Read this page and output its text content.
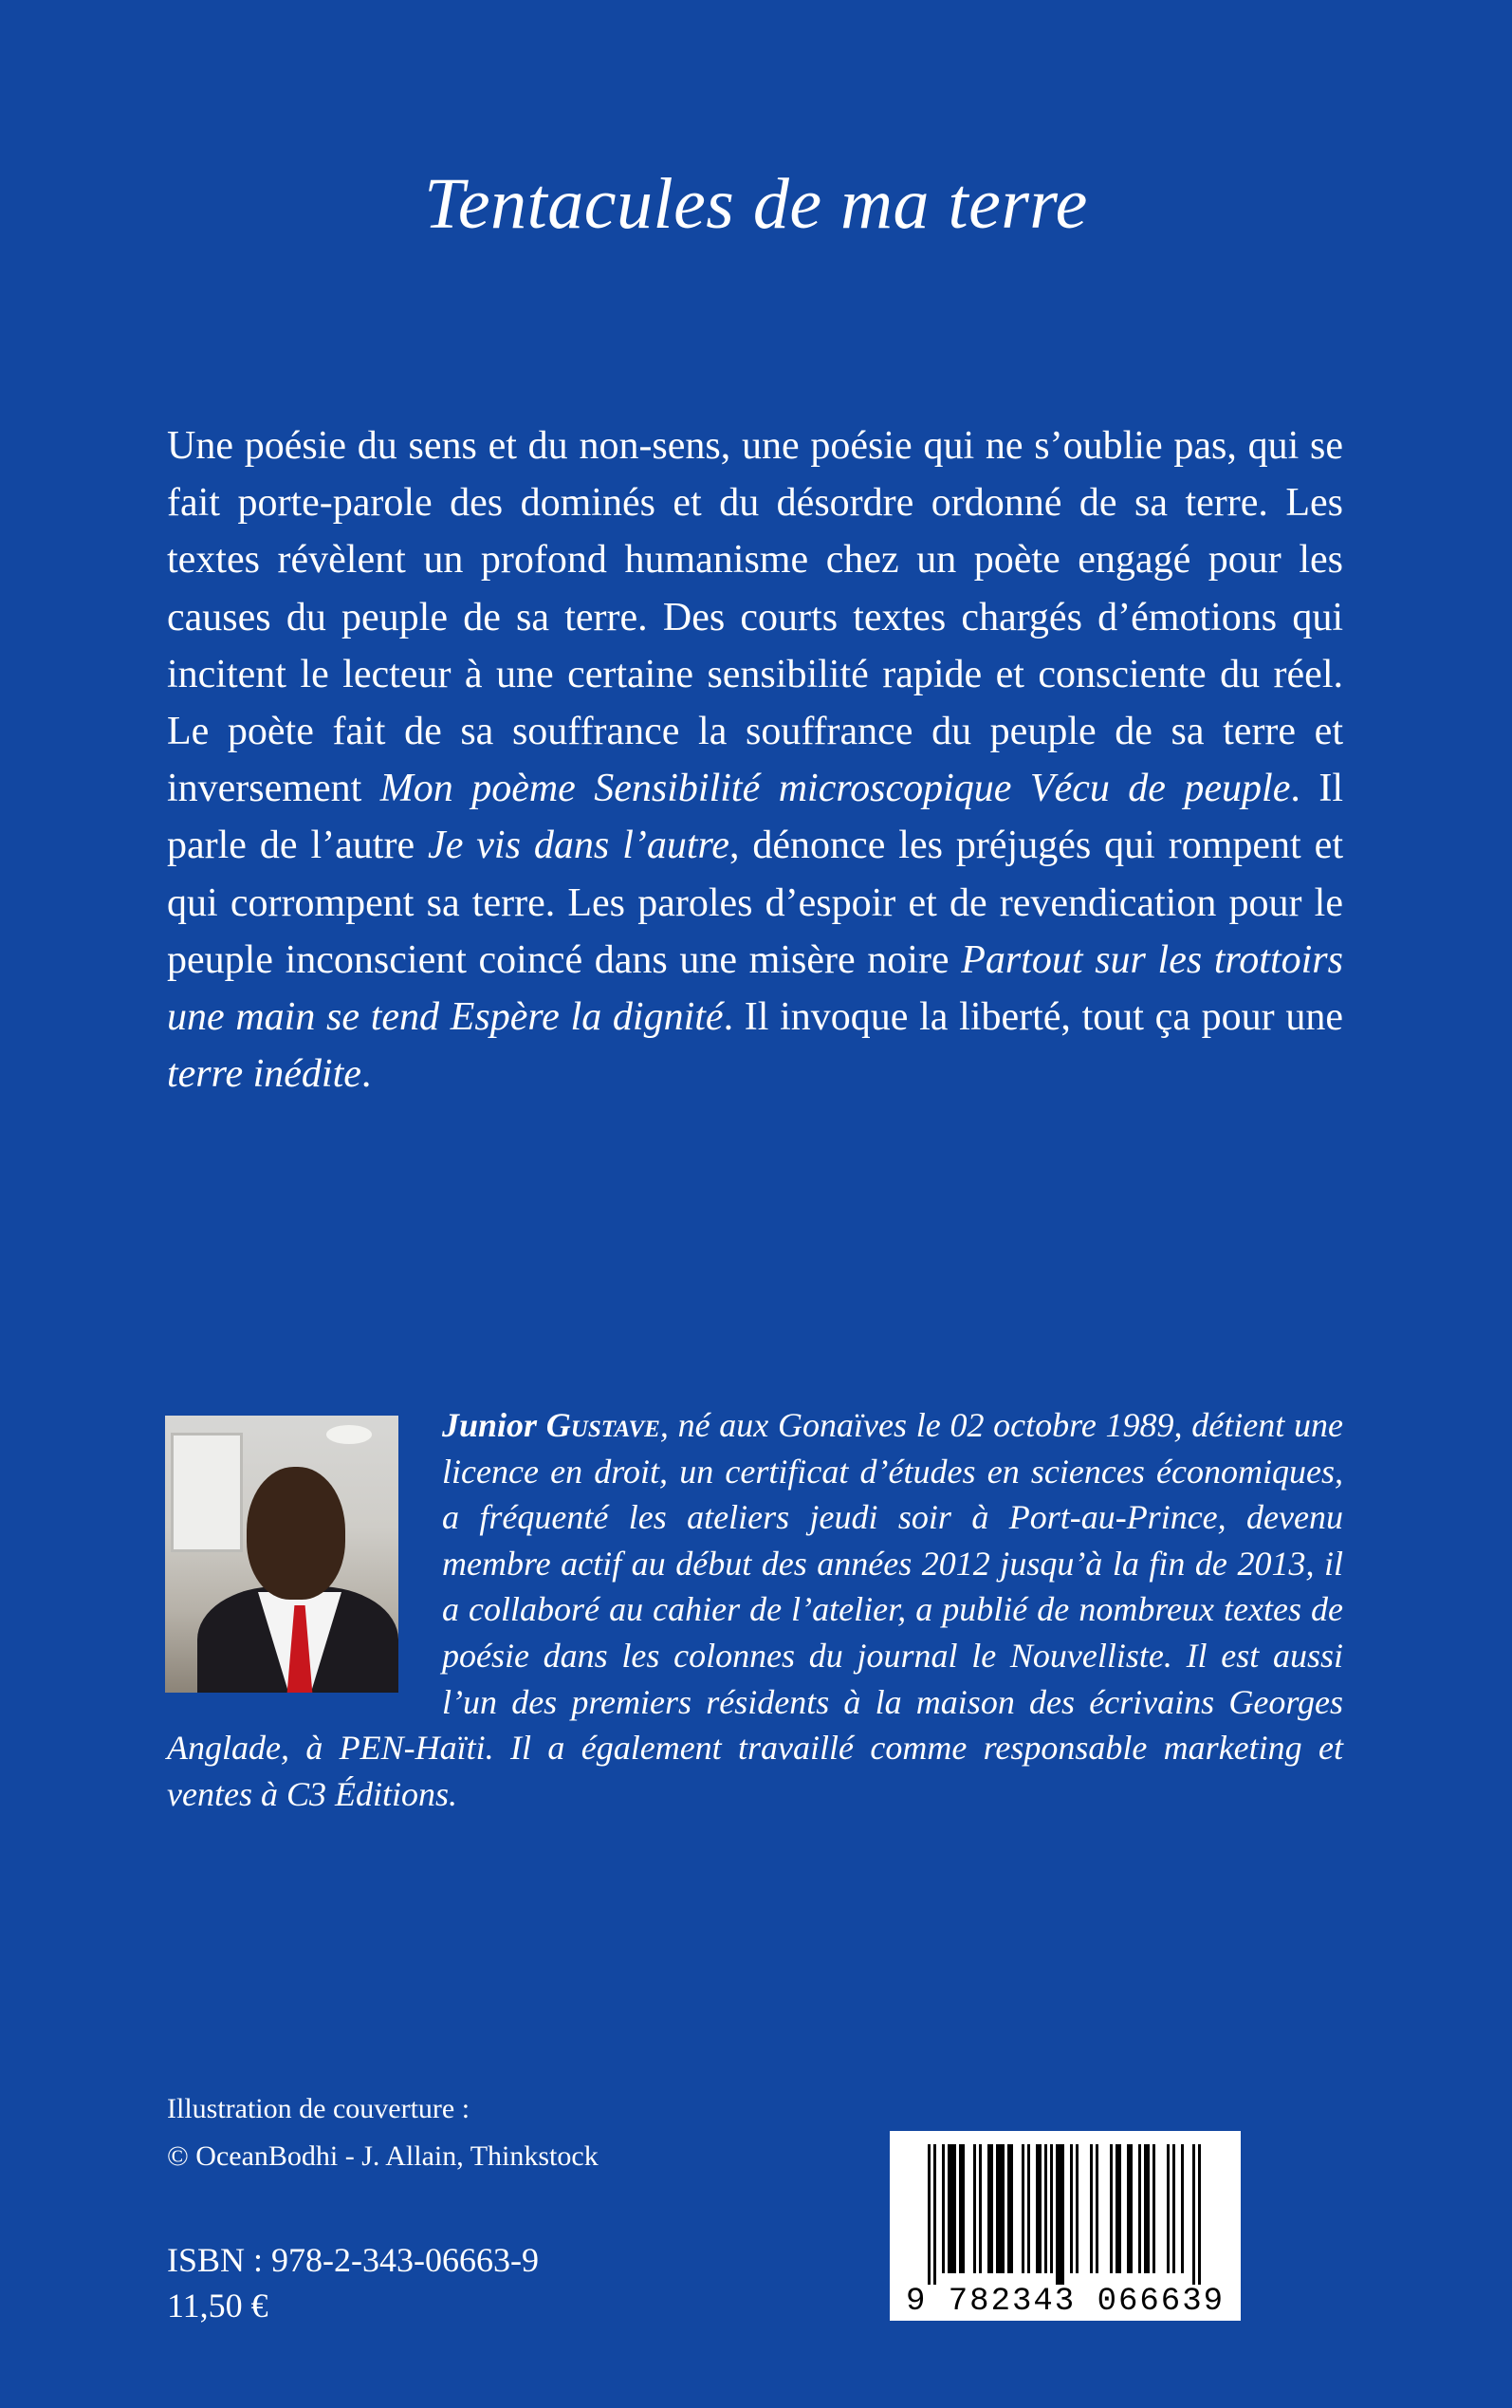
Tentacules de ma terre

Une poésie du sens et du non-sens, une poésie qui ne s’oublie pas, qui se fait porte-parole des dominés et du désordre ordonné de sa terre. Les textes révèlent un profond humanisme chez un poète engagé pour les causes du peuple de sa terre. Des courts textes chargés d’émotions qui incitent le lecteur à une certaine sensibilité rapide et consciente du réel. Le poète fait de sa souffrance la souffrance du peuple de sa terre et inversement Mon poème Sensibilité microscopique Vécu de peuple. Il parle de l’autre Je vis dans l’autre, dénonce les préjugés qui rompent et qui corrompent sa terre. Les paroles d’espoir et de revendication pour le peuple inconscient coincé dans une misère noire Partout sur les trottoirs une main se tend Espère la dignité. Il invoque la liberté, tout ça pour une terre inédite.

Junior Gustave, né aux Gonaïves le 02 octobre 1989, détient une licence en droit, un certificat d’études en sciences économiques, a fréquenté les ateliers jeudi soir à Port-au-Prince, devenu membre actif au début des années 2012 jusqu’à la fin de 2013, il a collaboré au cahier de l’atelier, a publié de nombreux textes de poésie dans les colonnes du journal le Nouvelliste. Il est aussi l’un des premiers résidents à la maison des écrivains Georges Anglade, à PEN-Haïti. Il a également travaillé comme responsable marketing et ventes à C3 Éditions.
Illustration de couverture :
© OceanBodhi - J. Allain, Thinkstock
ISBN : 978-2-343-06663-9
11,50 €	9 782343 066639
